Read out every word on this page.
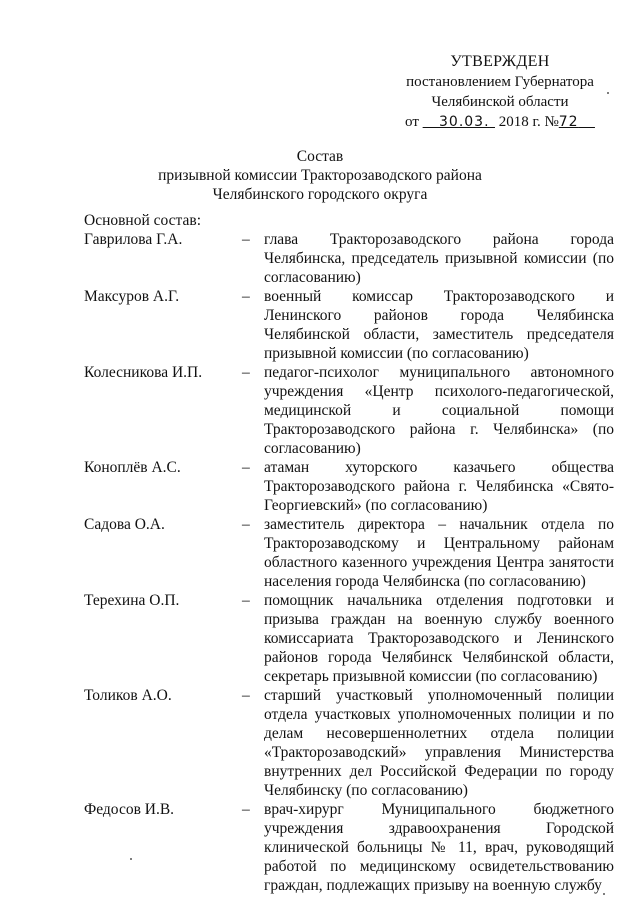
УТВЕРЖДЕН
постановлением Губернатора
Челябинской области
от 30.03. 2018 г. №72
Состав
призывной комиссии Тракторозаводского района
Челябинского городского округа
Основной состав:
Гаврилова Г.А.	– глава Тракторозаводского района города Челябинска, председатель призывной комиссии (по согласованию)
Максуров А.Г.	– военный комиссар Тракторозаводского и Ленинского районов города Челябинска Челябинской области, заместитель председателя призывной комиссии (по согласованию)
Колесникова И.П.	– педагог-психолог муниципального автономного учреждения «Центр психолого-педагогической, медицинской и социальной помощи Тракторозаводского района г. Челябинска» (по согласованию)
Коноплёв А.С.	– атаман хуторского казачьего общества Тракторозаводского района г. Челябинска «Свято-Георгиевский» (по согласованию)
Садова О.А.	– заместитель директора – начальник отдела по Тракторозаводскому и Центральному районам областного казенного учреждения Центра занятости населения города Челябинска (по согласованию)
Терехина О.П.	– помощник начальника отделения подготовки и призыва граждан на военную службу военного комиссариата Тракторозаводского и Ленинского районов города Челябинск Челябинской области, секретарь призывной комиссии (по согласованию)
Толиков А.О.	– старший участковый уполномоченный полиции отдела участковых уполномоченных полиции и по делам несовершеннолетних отдела полиции «Тракторозаводский» управления Министерства внутренних дел Российской Федерации по городу Челябинску (по согласованию)
Федосов И.В.	– врач-хирург Муниципального бюджетного учреждения здравоохранения Городской клинической больницы № 11, врач, руководящий работой по медицинскому освидетельствованию граждан, подлежащих призыву на военную службу
